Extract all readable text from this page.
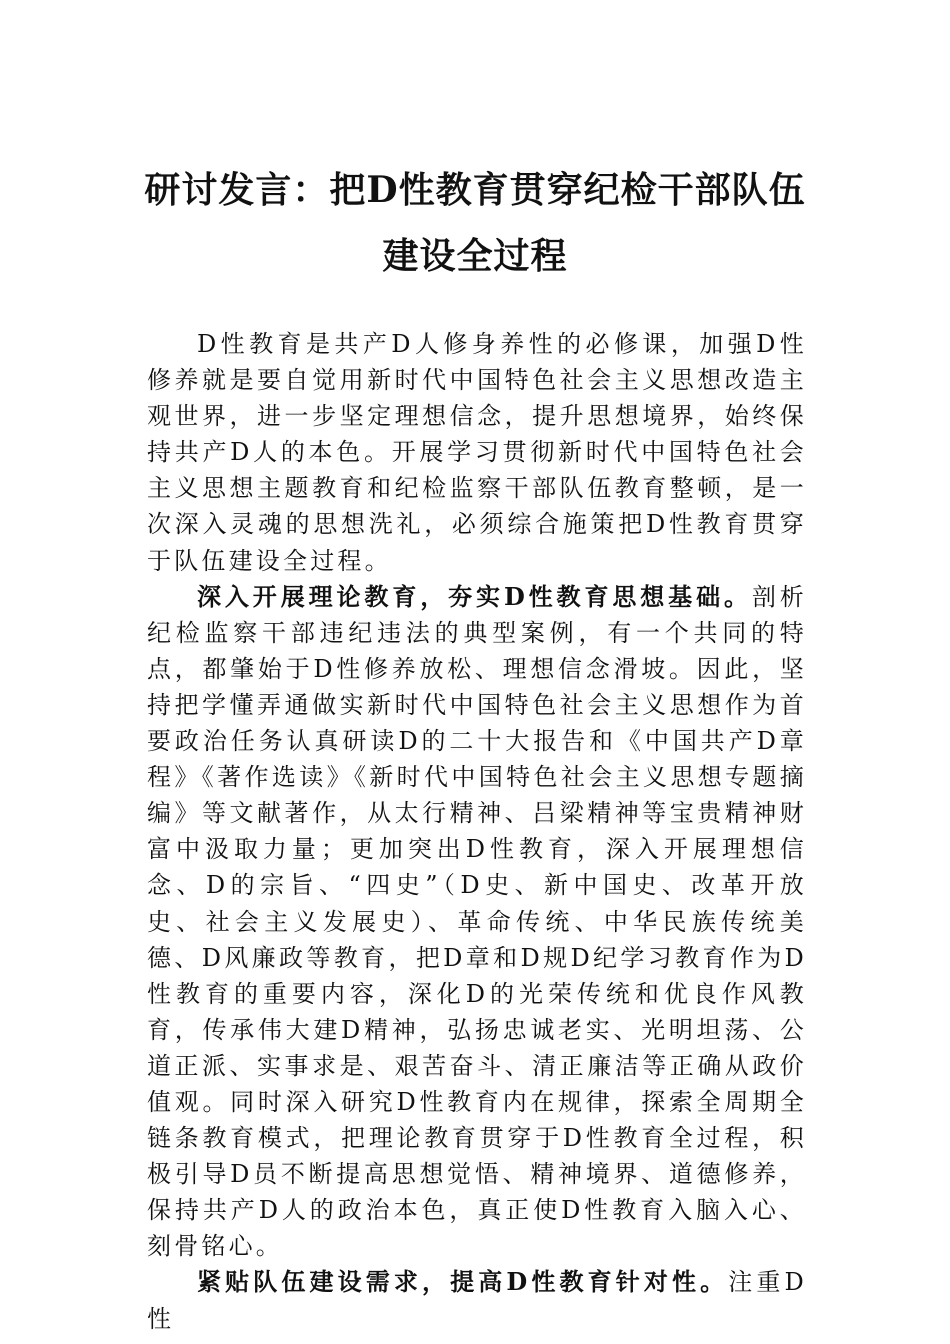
研讨发言：把D性教育贯穿纪检干部队伍
建设全过程

D性教育是共产D人修身养性的必修课，加强D性修养就是要自觉用新时代中国特色社会主义思想改造主观世界，进一步坚定理想信念，提升思想境界，始终保持共产D人的本色。开展学习贯彻新时代中国特色社会主义思想主题教育和纪检监察干部队伍教育整顿，是一次深入灵魂的思想洗礼，必须综合施策把D性教育贯穿于队伍建设全过程。

深入开展理论教育，夯实D性教育思想基础。剖析纪检监察干部违纪违法的典型案例，有一个共同的特点，都肇始于D性修养放松、理想信念滑坡。因此，坚持把学懂弄通做实新时代中国特色社会主义思想作为首要政治任务认真研读D的二十大报告和《中国共产D章程》《著作选读》《新时代中国特色社会主义思想专题摘编》等文献著作，从太行精神、吕梁精神等宝贵精神财富中汲取力量；更加突出D性教育，深入开展理想信念、D的宗旨、“四史”（D史、新中国史、改革开放史、社会主义发展史）、革命传统、中华民族传统美德、D风廉政等教育，把D章和D规D纪学习教育作为D性教育的重要内容，深化D的光荣传统和优良作风教育，传承伟大建D精神，弘扬忠诚老实、光明坦荡、公道正派、实事求是、艰苦奋斗、清正廉洁等正确从政价值观。同时深入研究D性教育内在规律，探索全周期全链条教育模式，把理论教育贯穿于D性教育全过程，积极引导D员不断提高思想觉悟、精神境界、道德修养，保持共产D人的政治本色，真正使D性教育入脑入心、刻骨铭心。

紧贴队伍建设需求，提高D性教育针对性。注重D性
